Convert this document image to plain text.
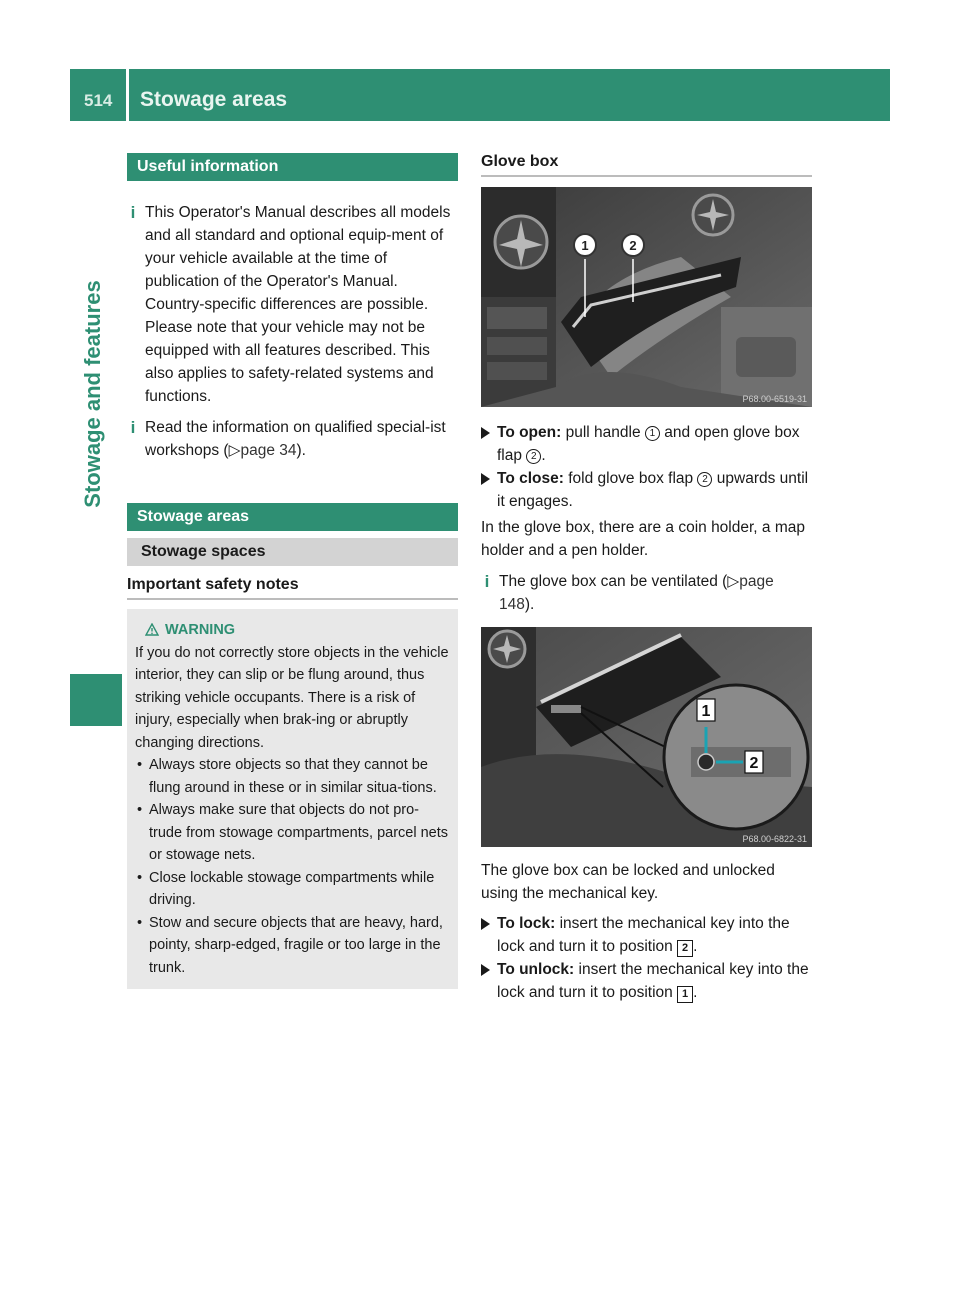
514 Stowage areas
Stowage and features
Useful information
i This Operator's Manual describes all models and all standard and optional equip-ment of your vehicle available at the time of publication of the Operator's Manual. Country-specific differences are possible. Please note that your vehicle may not be equipped with all features described. This also applies to safety-related systems and functions.
i Read the information on qualified special-ist workshops (▷page 34).
Stowage areas
Stowage spaces
Important safety notes
WARNING
If you do not correctly store objects in the vehicle interior, they can slip or be flung around, thus striking vehicle occupants. There is a risk of injury, especially when brak-ing or abruptly changing directions.
• Always store objects so that they cannot be flung around in these or in similar situa-tions.
• Always make sure that objects do not pro-trude from stowage compartments, parcel nets or stowage nets.
• Close lockable stowage compartments while driving.
• Stow and secure objects that are heavy, hard, pointy, sharp-edged, fragile or too large in the trunk.
Glove box
1	2
P68.00-6519-31
To open: pull handle 1 and open glove box flap 2 .
To close: fold glove box flap 2 upwards until it engages.
In the glove box, there are a coin holder, a map holder and a pen holder.
i The glove box can be ventilated (▷page 148).
1
2
P68.00-6822-31
The glove box can be locked and unlocked using the mechanical key.
To lock: insert the mechanical key into the lock and turn it to position 2 .
To unlock: insert the mechanical key into the lock and turn it to position 1 .
